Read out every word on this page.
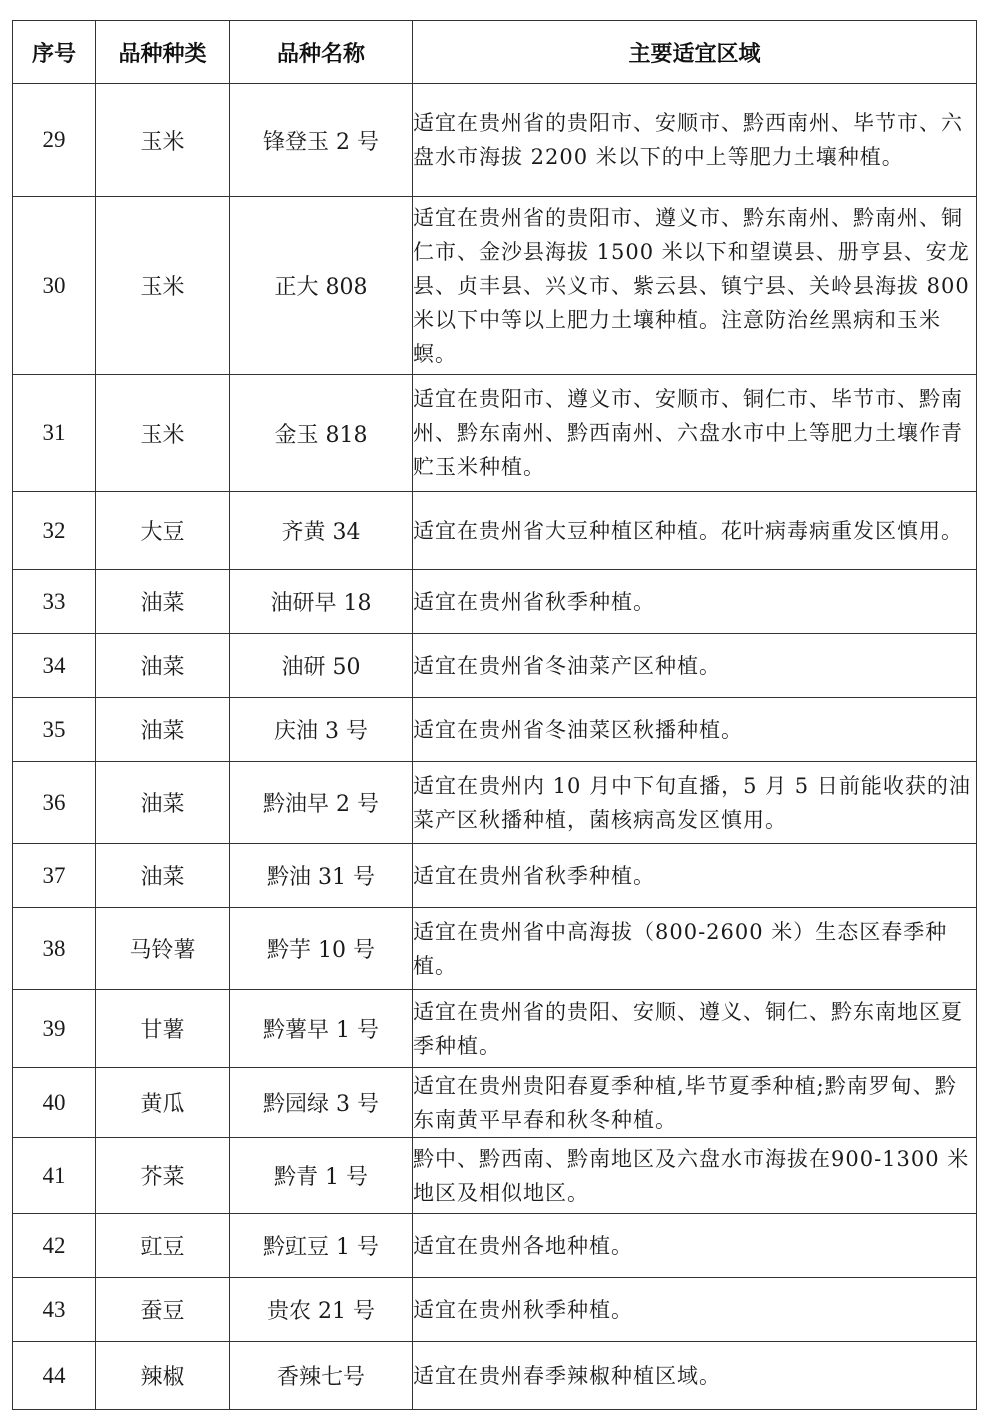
序号	品种种类	品种名称	主要适宜区域
29	玉米	锋登玉 2 号	适宜在贵州省的贵阳市、安顺市、黔西南州、毕节市、六盘水市海拔 2200 米以下的中上等肥力土壤种植。
30	玉米	正大 808	适宜在贵州省的贵阳市、遵义市、黔东南州、黔南州、铜仁市、金沙县海拔 1500 米以下和望谟县、册亨县、安龙县、贞丰县、兴义市、紫云县、镇宁县、关岭县海拔 800 米以下中等以上肥力土壤种植。注意防治丝黑病和玉米螟。
31	玉米	金玉 818	适宜在贵阳市、遵义市、安顺市、铜仁市、毕节市、黔南州、黔东南州、黔西南州、六盘水市中上等肥力土壤作青贮玉米种植。
32	大豆	齐黄 34	适宜在贵州省大豆种植区种植。花叶病毒病重发区慎用。
33	油菜	油研早 18	适宜在贵州省秋季种植。
34	油菜	油研 50	适宜在贵州省冬油菜产区种植。
35	油菜	庆油 3 号	适宜在贵州省冬油菜区秋播种植。
36	油菜	黔油早 2 号	适宜在贵州内 10 月中下旬直播，5 月 5 日前能收获的油菜产区秋播种植，菌核病高发区慎用。
37	油菜	黔油 31 号	适宜在贵州省秋季种植。
38	马铃薯	黔芋 10 号	适宜在贵州省中高海拔（800-2600 米）生态区春季种植。
39	甘薯	黔薯早 1 号	适宜在贵州省的贵阳、安顺、遵义、铜仁、黔东南地区夏季种植。
40	黄瓜	黔园绿 3 号	适宜在贵州贵阳春夏季种植,毕节夏季种植;黔南罗甸、黔东南黄平早春和秋冬种植。
41	芥菜	黔青 1 号	黔中、黔西南、黔南地区及六盘水市海拔在900-1300 米地区及相似地区。
42	豇豆	黔豇豆 1 号	适宜在贵州各地种植。
43	蚕豆	贵农 21 号	适宜在贵州秋季种植。
44	辣椒	香辣七号	适宜在贵州春季辣椒种植区域。
